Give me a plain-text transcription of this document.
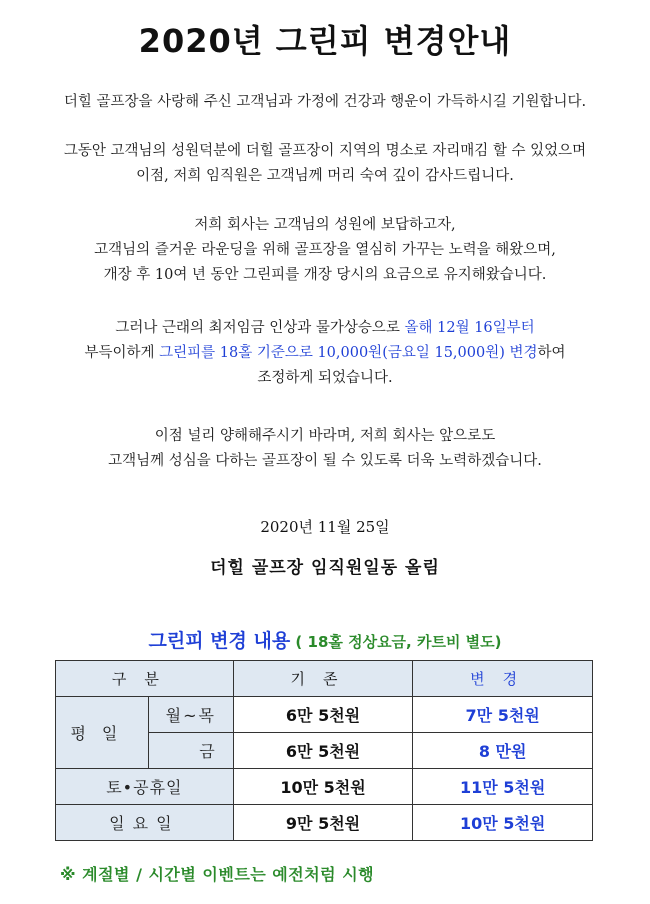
2020년 그린피 변경안내
더힐 골프장을 사랑해 주신 고객님과 가정에 건강과 행운이 가득하시길 기원합니다.
그동안 고객님의 성원덕분에 더힐 골프장이 지역의 명소로 자리매김 할 수 있었으며
이점, 저희 임직원은 고객님께 머리 숙여 깊이 감사드립니다.
저희 회사는 고객님의 성원에 보답하고자,
고객님의 즐거운 라운딩을 위해 골프장을 열심히 가꾸는 노력을 해왔으며,
개장 후 10여 년 동안 그린피를 개장 당시의 요금으로 유지해왔습니다.
그러나 근래의 최저임금 인상과 물가상승으로 올해 12월 16일부터
부득이하게 그린피를 18홀 기준으로 10,000원(금요일 15,000원) 변경하여
조정하게 되었습니다.
이점 널리 양해해주시기 바라며, 저희 회사는 앞으로도
고객님께 성심을 다하는 골프장이 될 수 있도록 더욱 노력하겠습니다.
2020년 11월 25일
더힐 골프장 임직원일동 올림
그린피 변경 내용 ( 18홀 정상요금, 카트비 별도)
구분		기존	변경
평일	월~목	6만 5천원	7만 5천원
	금	6만 5천원	8 만원
토•공휴일		10만 5천원	11만 5천원
일요일		9만 5천원	10만 5천원
※ 계절별 / 시간별 이벤트는 예전처럼 시행
